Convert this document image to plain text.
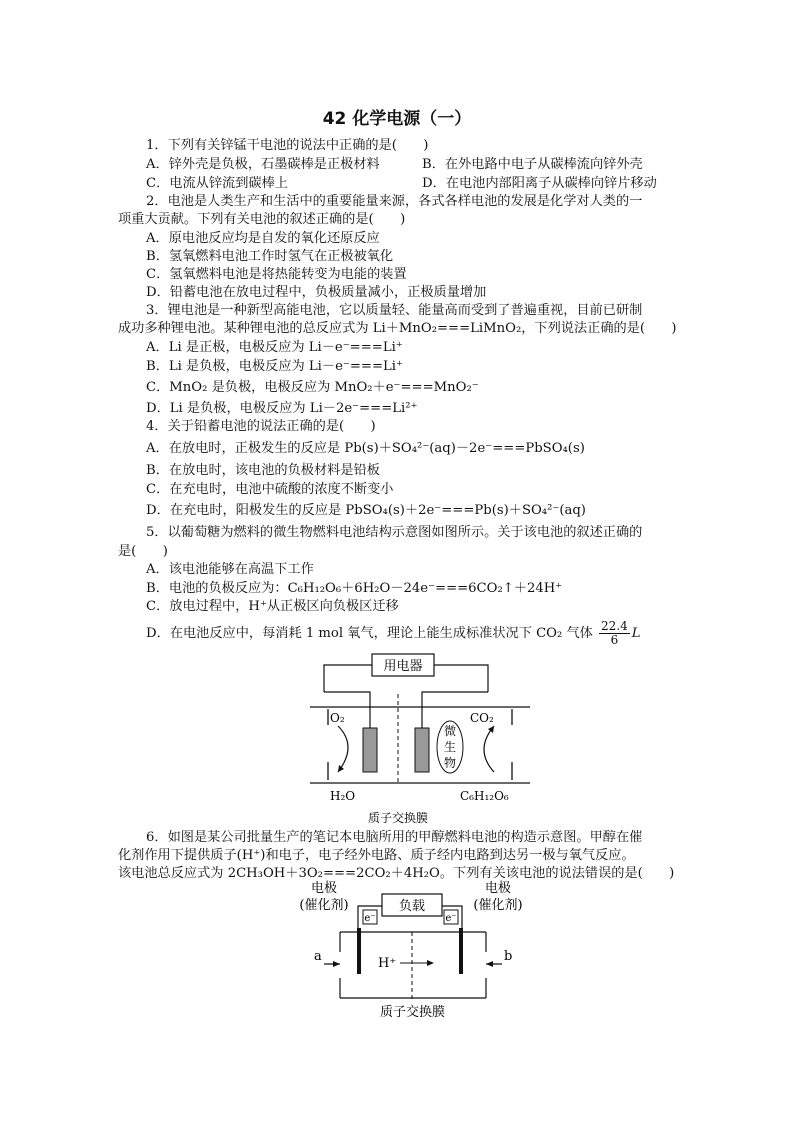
42 化学电源（一）
1．下列有关锌锰干电池的说法中正确的是(　　)
A．锌外壳是负极，石墨碳棒是正极材料	B．在外电路中电子从碳棒流向锌外壳
C．电流从锌流到碳棒上	D．在电池内部阳离子从碳棒向锌片移动
2．电池是人类生产和生活中的重要能量来源，各式各样电池的发展是化学对人类的一
项重大贡献。下列有关电池的叙述正确的是(　　)
A．原电池反应均是自发的氧化还原反应
B．氢氧燃料电池工作时氢气在正极被氧化
C．氢氧燃料电池是将热能转变为电能的装置
D．铅蓄电池在放电过程中，负极质量减小，正极质量增加
3．锂电池是一种新型高能电池，它以质量轻、能量高而受到了普遍重视，目前已研制
成功多种锂电池。某种锂电池的总反应式为 Li＋MnO₂===LiMnO₂，下列说法正确的是(　　)
A．Li 是正极，电极反应为 Li－e⁻===Li⁺
B．Li 是负极，电极反应为 Li－e⁻===Li⁺
C．MnO₂ 是负极，电极反应为 MnO₂＋e⁻===MnO₂⁻
D．Li 是负极，电极反应为 Li－2e⁻===Li²⁺
4．关于铅蓄电池的说法正确的是(　　)
A．在放电时，正极发生的反应是 Pb(s)＋SO₄²⁻(aq)－2e⁻===PbSO₄(s)
B．在放电时，该电池的负极材料是铅板
C．在充电时，电池中硫酸的浓度不断变小
D．在充电时，阳极发生的反应是 PbSO₄(s)＋2e⁻===Pb(s)＋SO₄²⁻(aq)
5．以葡萄糖为燃料的微生物燃料电池结构示意图如图所示。关于该电池的叙述正确的
是(　　)
A．该电池能够在高温下工作
B．电池的负极反应为：C₆H₁₂O₆＋6H₂O－24e⁻===6CO₂↑＋24H⁺
C．放电过程中，H⁺从正极区向负极区迁移
D．在电池反应中，每消耗 1 mol 氧气，理论上能生成标准状况下 CO₂ 气体 $\frac{22.4}{6}$ L
用电器
微
生
物
O₂	CO₂
H₂O	C₆H₁₂O₆
质子交换膜
6．如图是某公司批量生产的笔记本电脑所用的甲醇燃料电池的构造示意图。甲醇在催
化剂作用下提供质子(H⁺)和电子，电子经外电路、质子经内电路到达另一极与氧气反应。
该电池总反应式为 2CH₃OH＋3O₂===2CO₂＋4H₂O。下列有关该电池的说法错误的是(　　)
电极
(催化剂)
电极
(催化剂)
负载
e⁻	e⁻
a	b
H⁺
质子交换膜
